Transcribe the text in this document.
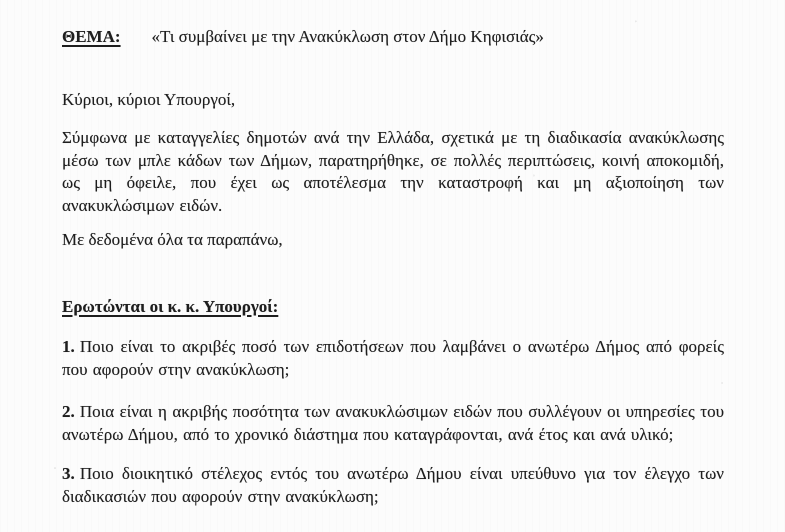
ΘΕΜΑ: «Τι συμβαίνει με την Ανακύκλωση στον Δήμο Κηφισιάς»

Κύριοι, κύριοι Υπουργοί,

Σύμφωνα με καταγγελίες δημοτών ανά την Ελλάδα, σχετικά με τη διαδικασία ανακύκλωσης μέσω των μπλε κάδων των Δήμων, παρατηρήθηκε, σε πολλές περιπτώσεις, κοινή αποκομιδή, ως μη όφειλε, που έχει ως αποτέλεσμα την καταστροφή και μη αξιοποίηση των ανακυκλώσιμων ειδών.

Με δεδομένα όλα τα παραπάνω,

Ερωτώνται οι κ. κ. Υπουργοί:

1. Ποιο είναι το ακριβές ποσό των επιδοτήσεων που λαμβάνει ο ανωτέρω Δήμος από φορείς που αφορούν στην ανακύκλωση;

2. Ποια είναι η ακριβής ποσότητα των ανακυκλώσιμων ειδών που συλλέγουν οι υπηρεσίες του ανωτέρω Δήμου, από το χρονικό διάστημα που καταγράφονται, ανά έτος και ανά υλικό;

3. Ποιο διοικητικό στέλεχος εντός του ανωτέρω Δήμου είναι υπεύθυνο για τον έλεγχο των διαδικασιών που αφορούν στην ανακύκλωση;
